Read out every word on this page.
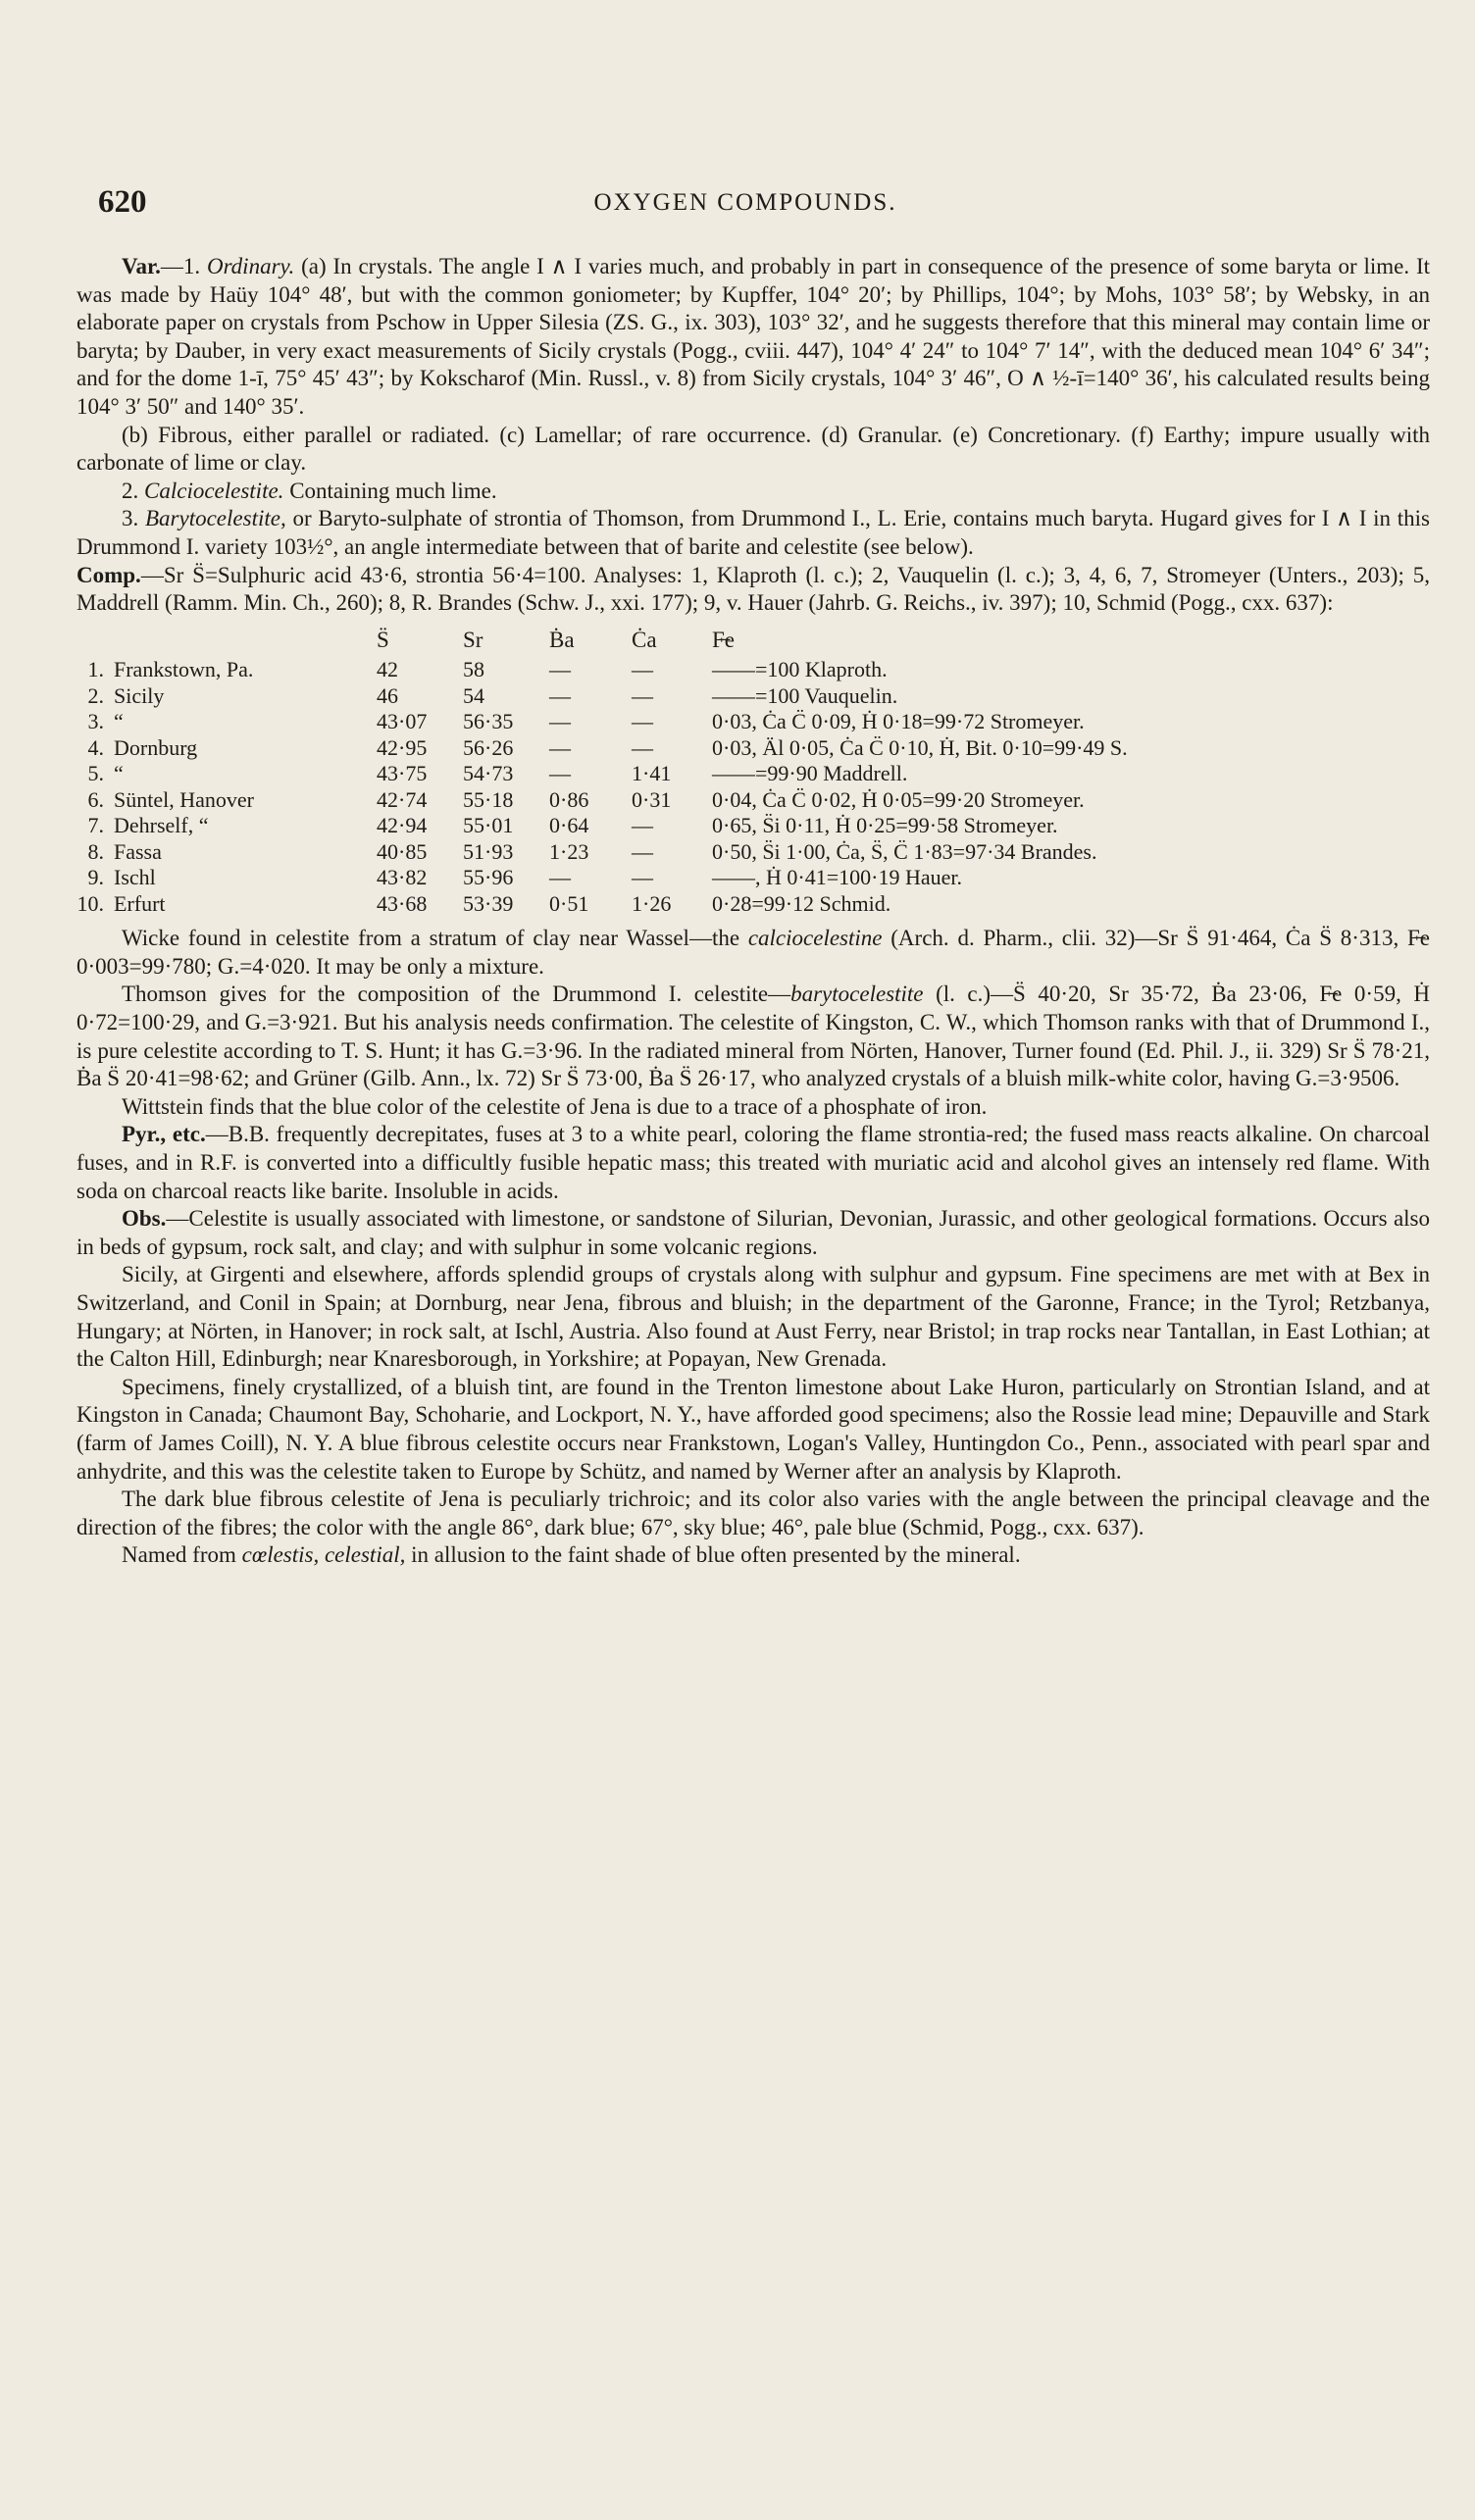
620	OXYGEN COMPOUNDS.

Var.—1. Ordinary. (a) In crystals. The angle I ∧ I varies much, and probably in part in consequence of the presence of some baryta or lime. It was made by Haüy 104° 48′, but with the common goniometer; by Kupffer, 104° 20′; by Phillips, 104°; by Mohs, 103° 58′; by Websky, in an elaborate paper on crystals from Pschow in Upper Silesia (ZS. G., ix. 303), 103° 32′, and he suggests therefore that this mineral may contain lime or baryta; by Dauber, in very exact measurements of Sicily crystals (Pogg., cviii. 447), 104° 4′ 24″ to 104° 7′ 14″, with the deduced mean 104° 6′ 34″; and for the dome 1-ī, 75° 45′ 43″; by Kokscharof (Min. Russl., v. 8) from Sicily crystals, 104° 3′ 46″, O ∧ ½-ī=140° 36′, his calculated results being 104° 3′ 50″ and 140° 35′.

(b) Fibrous, either parallel or radiated. (c) Lamellar; of rare occurrence. (d) Granular. (e) Concretionary. (f) Earthy; impure usually with carbonate of lime or clay.

2. Calciocelestite. Containing much lime.

3. Barytocelestite, or Baryto-sulphate of strontia of Thomson, from Drummond I., L. Erie, contains much baryta. Hugard gives for I ∧ I in this Drummond I. variety 103½°, an angle intermediate between that of barite and celestite (see below).

Comp.—Sr S̈=Sulphuric acid 43·6, strontia 56·4=100. Analyses: 1, Klaproth (l. c.); 2, Vauquelin (l. c.); 3, 4, 6, 7, Stromeyer (Unters., 203); 5, Maddrell (Ramm. Min. Ch., 260); 8, R. Brandes (Schw. J., xxi. 177); 9, v. Hauer (Jahrb. G. Reichs., iv. 397); 10, Schmid (Pogg., cxx. 637):

		S̈	Sr	Ḃa	Ċa	F̶e
1.	Frankstown, Pa.	42	58	—	—	——=100 Klaproth.
2.	Sicily	46	54	—	—	——=100 Vauquelin.
3.	“	43·07	56·35	—	—	0·03, Ċa C̈ 0·09, Ḣ 0·18=99·72 Stromeyer.
4.	Dornburg	42·95	56·26	—	—	0·03, Äl 0·05, Ċa C̈ 0·10, Ḣ, Bit. 0·10=99·49 S.
5.	“	43·75	54·73	—	1·41	——=99·90 Maddrell.
6.	Süntel, Hanover	42·74	55·18	0·86	0·31	0·04, Ċa C̈ 0·02, Ḣ 0·05=99·20 Stromeyer.
7.	Dehrself, “	42·94	55·01	0·64	—	0·65, S̈i 0·11, Ḣ 0·25=99·58 Stromeyer.
8.	Fassa	40·85	51·93	1·23	—	0·50, S̈i 1·00, Ċa, S̈, C̈ 1·83=97·34 Brandes.
9.	Ischl	43·82	55·96	—	—	——, Ḣ 0·41=100·19 Hauer.
10.	Erfurt	43·68	53·39	0·51	1·26	0·28=99·12 Schmid.

Wicke found in celestite from a stratum of clay near Wassel—the calciocelestine (Arch. d. Pharm., clii. 32)—Sr S̈ 91·464, Ċa S̈ 8·313, F̶e 0·003=99·780; G.=4·020. It may be only a mixture.

Thomson gives for the composition of the Drummond I. celestite—barytocelestite (l. c.)—S̈ 40·20, Sr 35·72, Ḃa 23·06, F̶e 0·59, Ḣ 0·72=100·29, and G.=3·921. But his analysis needs confirmation. The celestite of Kingston, C. W., which Thomson ranks with that of Drummond I., is pure celestite according to T. S. Hunt; it has G.=3·96. In the radiated mineral from Nörten, Hanover, Turner found (Ed. Phil. J., ii. 329) Sr S̈ 78·21, Ḃa S̈ 20·41=98·62; and Grüner (Gilb. Ann., lx. 72) Sr S̈ 73·00, Ḃa S̈ 26·17, who analyzed crystals of a bluish milk-white color, having G.=3·9506.

Wittstein finds that the blue color of the celestite of Jena is due to a trace of a phosphate of iron.

Pyr., etc.—B.B. frequently decrepitates, fuses at 3 to a white pearl, coloring the flame strontia-red; the fused mass reacts alkaline. On charcoal fuses, and in R.F. is converted into a difficultly fusible hepatic mass; this treated with muriatic acid and alcohol gives an intensely red flame. With soda on charcoal reacts like barite. Insoluble in acids.

Obs.—Celestite is usually associated with limestone, or sandstone of Silurian, Devonian, Jurassic, and other geological formations. Occurs also in beds of gypsum, rock salt, and clay; and with sulphur in some volcanic regions.

Sicily, at Girgenti and elsewhere, affords splendid groups of crystals along with sulphur and gypsum. Fine specimens are met with at Bex in Switzerland, and Conil in Spain; at Dornburg, near Jena, fibrous and bluish; in the department of the Garonne, France; in the Tyrol; Retzbanya, Hungary; at Nörten, in Hanover; in rock salt, at Ischl, Austria. Also found at Aust Ferry, near Bristol; in trap rocks near Tantallan, in East Lothian; at the Calton Hill, Edinburgh; near Knaresborough, in Yorkshire; at Popayan, New Grenada.

Specimens, finely crystallized, of a bluish tint, are found in the Trenton limestone about Lake Huron, particularly on Strontian Island, and at Kingston in Canada; Chaumont Bay, Schoharie, and Lockport, N. Y., have afforded good specimens; also the Rossie lead mine; Depauville and Stark (farm of James Coill), N. Y. A blue fibrous celestite occurs near Frankstown, Logan's Valley, Huntingdon Co., Penn., associated with pearl spar and anhydrite, and this was the celestite taken to Europe by Schütz, and named by Werner after an analysis by Klaproth.

The dark blue fibrous celestite of Jena is peculiarly trichroic; and its color also varies with the angle between the principal cleavage and the direction of the fibres; the color with the angle 86°, dark blue; 67°, sky blue; 46°, pale blue (Schmid, Pogg., cxx. 637).

Named from cœlestis, celestial, in allusion to the faint shade of blue often presented by the mineral.
